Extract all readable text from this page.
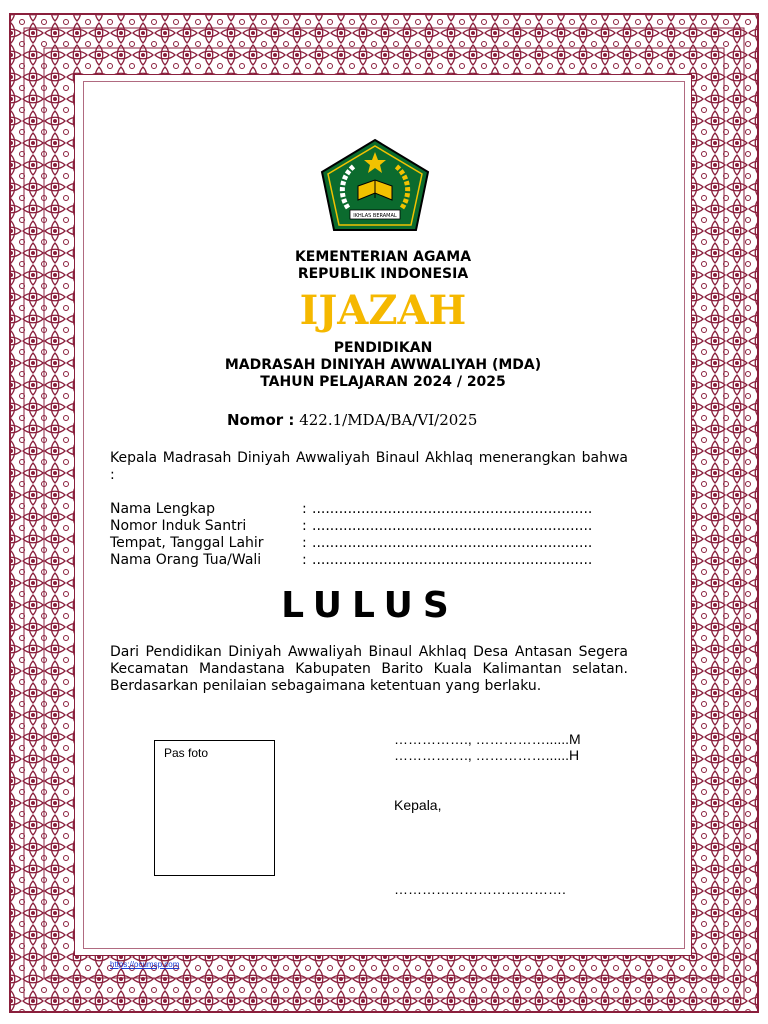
IKHLAS BERAMAL
KEMENTERIAN AGAMA
REPUBLIK INDONESIA
IJAZAH
PENDIDIKAN
MADRASAH DINIYAH AWWALIYAH (MDA)
TAHUN PELAJARAN 2024 / 2025
Nomor : 422.1/MDA/BA/VI/2025
Kepala Madrasah Diniyah Awwaliyah Binaul Akhlaq menerangkan bahwa :
Nama Lengkap	: ...............................................................
Nomor Induk Santri	: ...............................................................
Tempat, Tanggal Lahir	: ...............................................................
Nama Orang Tua/Wali	: ...............................................................
LULUS
Dari Pendidikan Diniyah Awwaliyah Binaul Akhlaq Desa Antasan Segera Kecamatan Mandastana Kabupaten Barito Kuala Kalimantan selatan. Berdasarkan penilaian sebagaimana ketentuan yang berlaku.
Pas foto
……………., ……………......M
……………., ……………......H
Kepala,
……………………………….
https://ocumsp.com
